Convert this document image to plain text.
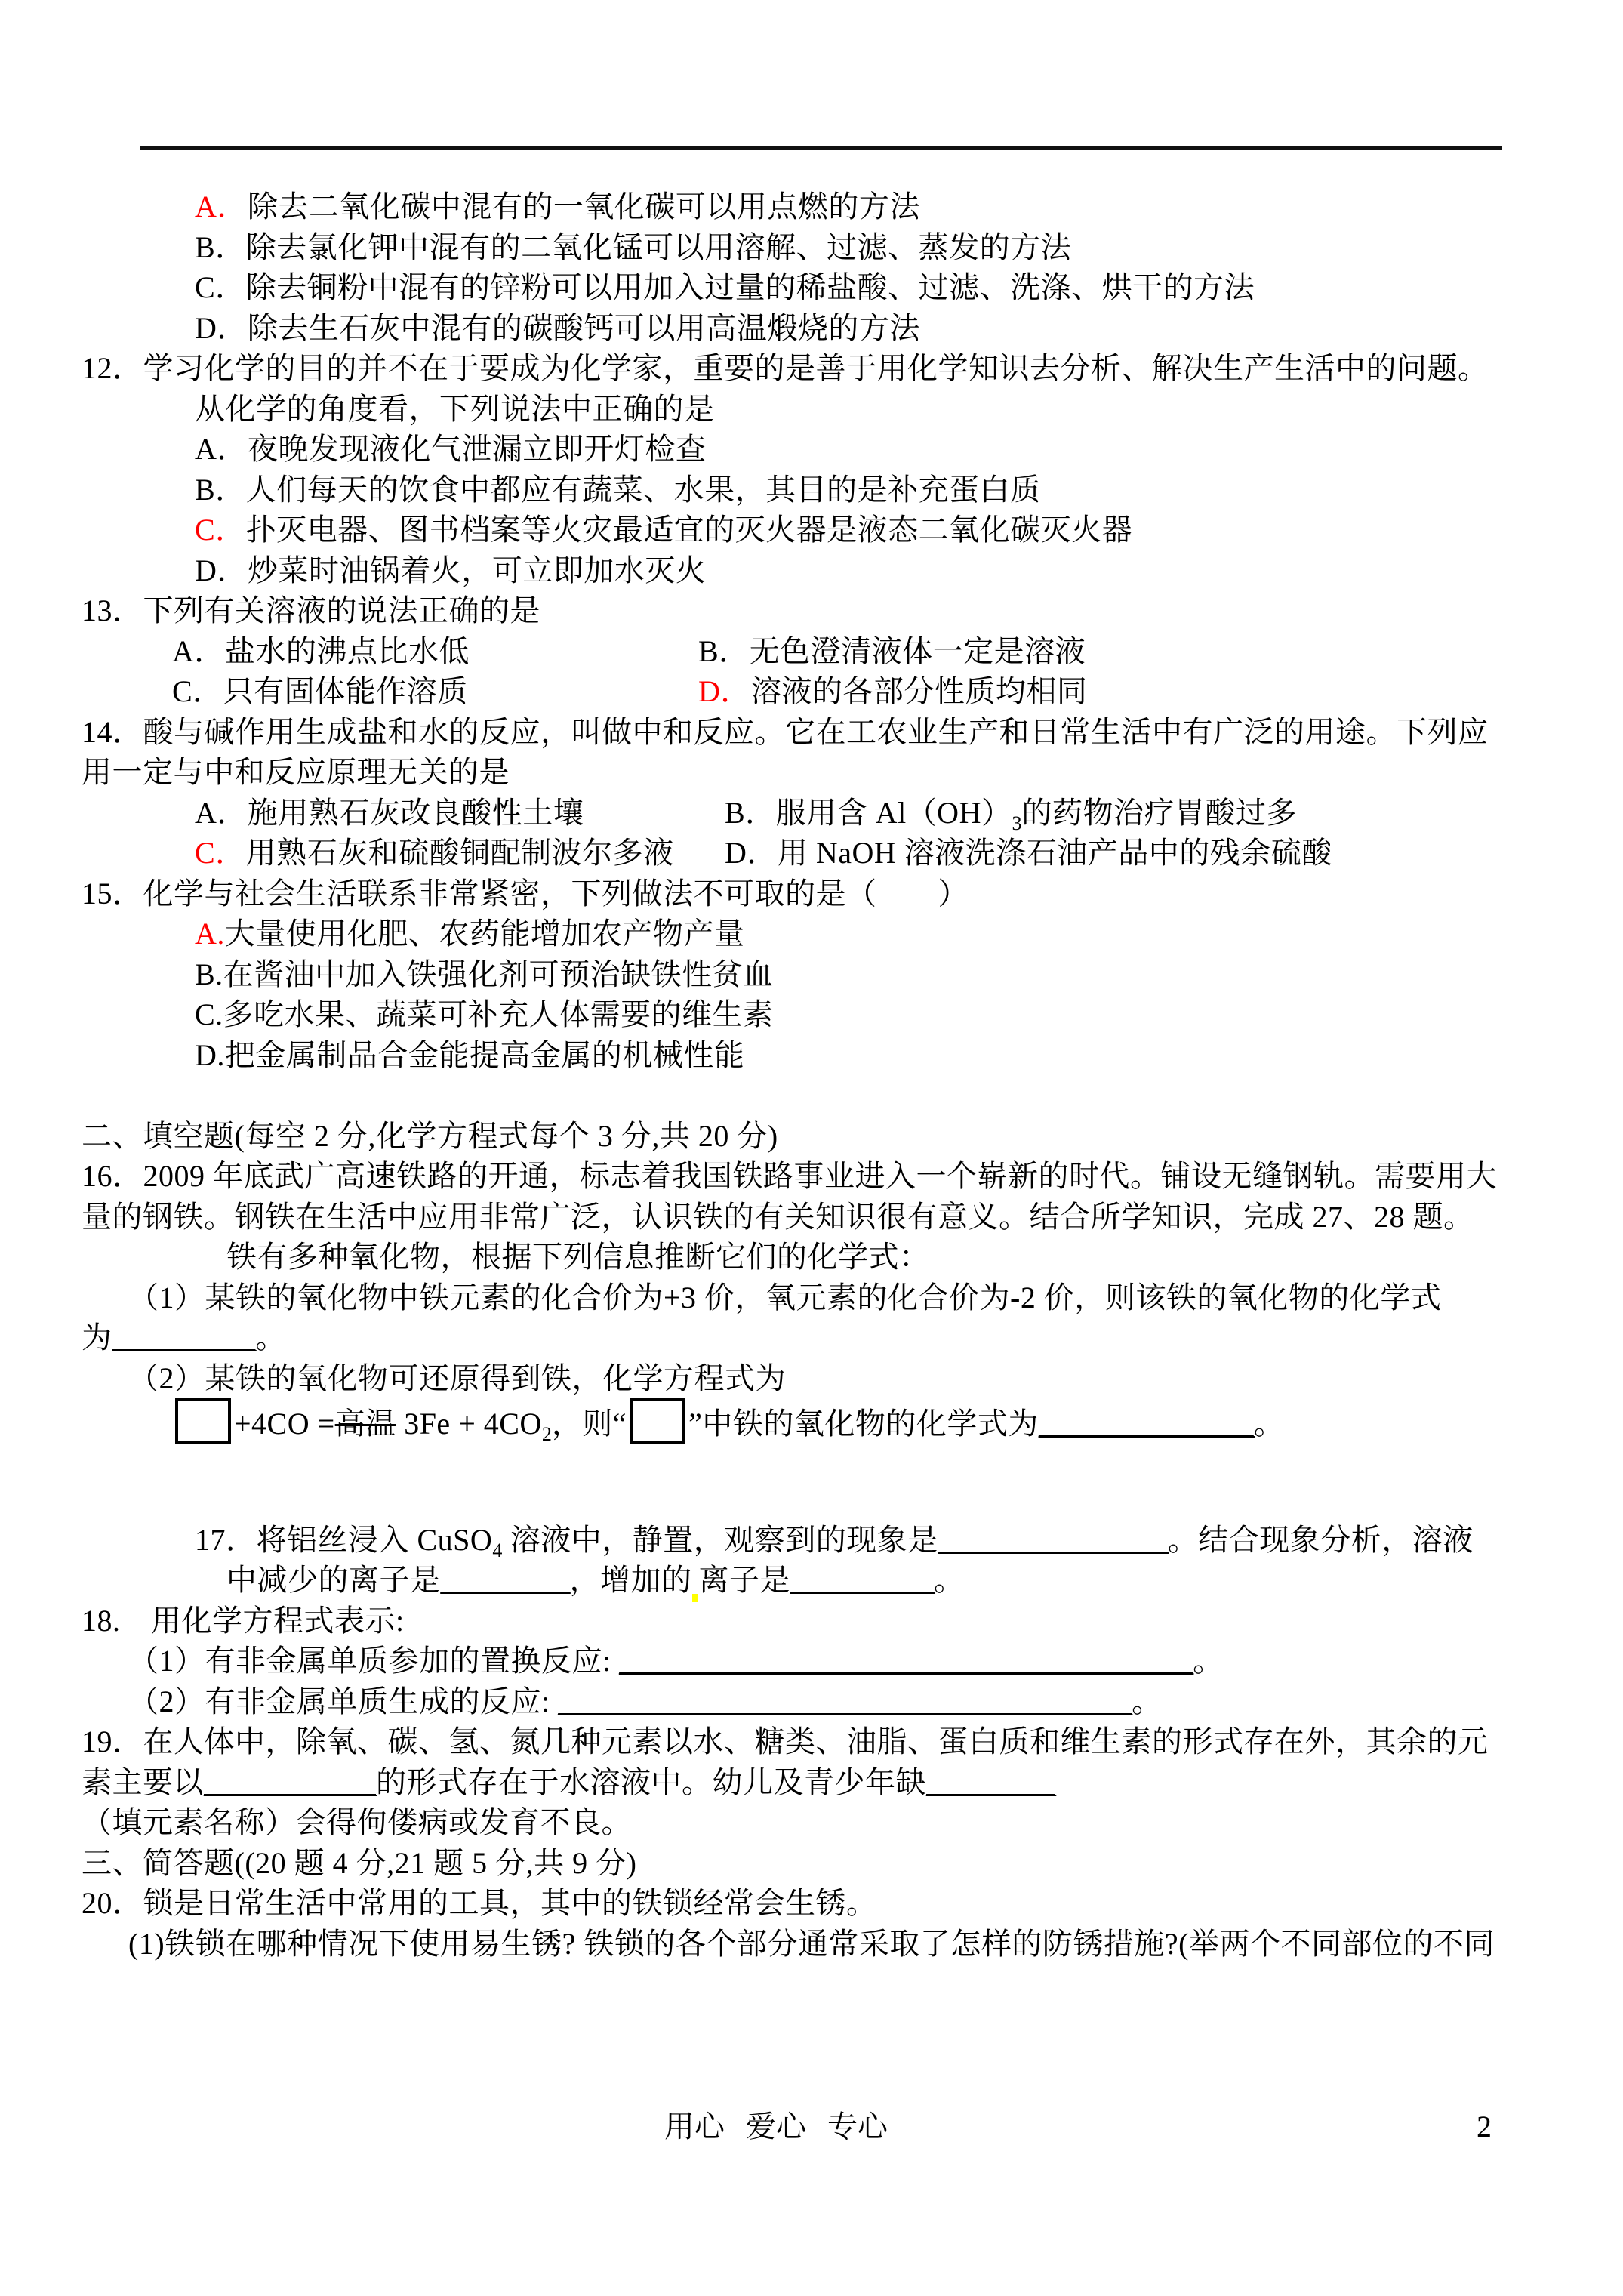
A．除去二氧化碳中混有的一氧化碳可以用点燃的方法
B．除去氯化钾中混有的二氧化锰可以用溶解、过滤、蒸发的方法
C．除去铜粉中混有的锌粉可以用加入过量的稀盐酸、过滤、洗涤、烘干的方法
D．除去生石灰中混有的碳酸钙可以用高温煅烧的方法
12．学习化学的目的并不在于要成为化学家，重要的是善于用化学知识去分析、解决生产生活中的问题。
从化学的角度看，下列说法中正确的是
A．夜晚发现液化气泄漏立即开灯检查
B．人们每天的饮食中都应有蔬菜、水果，其目的是补充蛋白质
C．扑灭电器、图书档案等火灾最适宜的灭火器是液态二氧化碳灭火器
D．炒菜时油锅着火，可立即加水灭火
13．下列有关溶液的说法正确的是
A．盐水的沸点比水低	B．无色澄清液体一定是溶液
C．只有固体能作溶质	D．溶液的各部分性质均相同
14．酸与碱作用生成盐和水的反应，叫做中和反应。它在工农业生产和日常生活中有广泛的用途。下列应
用一定与中和反应原理无关的是
A．施用熟石灰改良酸性土壤	B．服用含 $Al(OH)_3$的药物治疗胃酸过多
C．用熟石灰和硫酸铜配制波尔多液 D．用 NaOH 溶液洗涤石油产品中的残余硫酸
15．化学与社会生活联系非常紧密，下列做法不可取的是（　　）
A.大量使用化肥、农药能增加农产物产量
B.在酱油中加入铁强化剂可预治缺铁性贫血
C.多吃水果、蔬菜可补充人体需要的维生素
D.把金属制品合金能提高金属的机械性能
二、填空题(每空 2 分,化学方程式每个 3 分,共 20 分)
16．2009 年底武广高速铁路的开通，标志着我国铁路事业进入一个崭新的时代。铺设无缝钢轨。需要用大
量的钢铁。钢铁在生活中应用非常广泛，认识铁的有关知识很有意义。结合所学知识，完成 27、28 题。
铁有多种氧化物，根据下列信息推断它们的化学式：
（1）某铁的氧化物中铁元素的化合价为+3 价，氧元素的化合价为-2 价，则该铁的氧化物的化学式
为__________。
（2）某铁的氧化物可还原得到铁，化学方程式为
+4CO =高温 $3Fe + 4CO_2$，则“ ”中铁的氧化物的化学式为_______________。
17．将铝丝浸入 CuSO$_4$ 溶液中，静置，观察到的现象是________________。结合现象分析，溶液
中减少的离子是_________，增加的 离子是__________。
18.　用化学方程式表示:
（1）有非金属单质参加的置换反应: ________________________________________。
（2）有非金属单质生成的反应: ________________________________________。
19．在人体中，除氧、碳、氢、氮几种元素以水、糖类、油脂、蛋白质和维生素的形式存在外，其余的元
素主要以____________的形式存在于水溶液中。幼儿及青少年缺_________
（填元素名称）会得佝偻病或发育不良。
三、简答题((20 题 4 分,21 题 5 分,共 9 分)
20．锁是日常生活中常用的工具，其中的铁锁经常会生锈。
(1)铁锁在哪种情况下使用易生锈? 铁锁的各个部分通常采取了怎样的防锈措施?(举两个不同部位的不同
用心 爱心 专心	2
